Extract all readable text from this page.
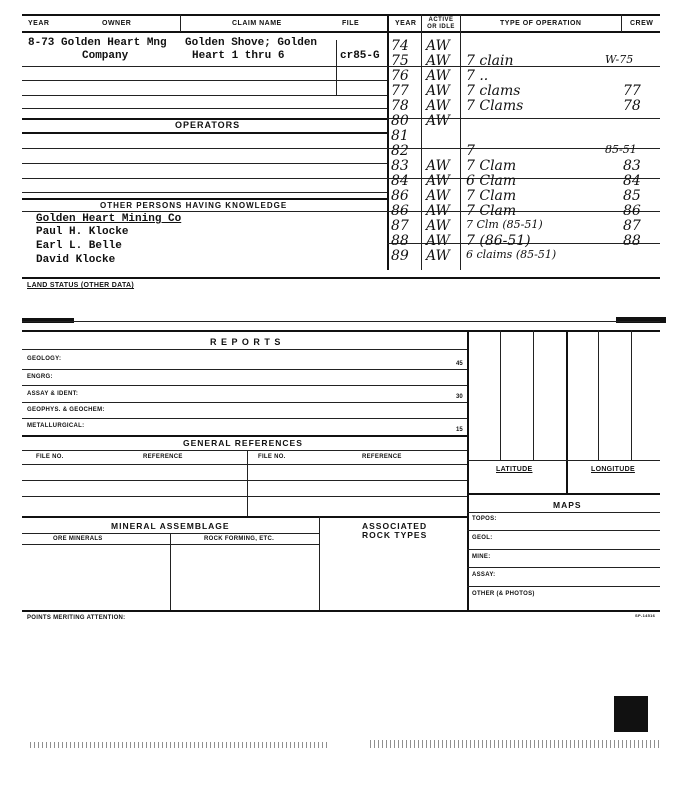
YEAR	OWNER	CLAIM NAME	FILE	YEAR	ACTIVE OR IDLE	TYPE OF OPERATION	CREW
8-73 Golden Heart Mng
Company
Golden Shove; Golden
Heart 1 thru 6	cr85-G
OPERATORS
OTHER PERSONS HAVING KNOWLEDGE
Golden Heart Mining Co
Paul H. Klocke
Earl L. Belle
David Klocke
74 AW
75 AW 7 clain	W-75
76 AW 7 ..
77 AW 7 clams	77
78 AW 7 Clams	78
80 AW
81
82	7	85-51
83 AW 7 Clam	83
84 AW 6 Clam	84
86 AW 7 Clam	85
86 AW 7 Clam	86
87 AW 7 Clm (85-51)	87
88 AW 7 (86-51)	88
89 AW 6 claims (85-51)
LAND STATUS (OTHER DATA)
R E P O R T S
GEOLOGY:
45
ENGRG:
ASSAY & IDENT:	30
GEOPHYS. & GEOCHEM:
METALLURGICAL:
15
GENERAL REFERENCES
FILE NO.	REFERENCE	FILE NO.	REFERENCE
MINERAL ASSEMBLAGE	ASSOCIATED
ROCK TYPES
ORE MINERALS	ROCK FORMING, ETC.
LATITUDE	LONGITUDE
MAPS
TOPOS:
GEOL:
MINE:
ASSAY:
OTHER (& PHOTOS)
POINTS MERITING ATTENTION:	SP-14516
